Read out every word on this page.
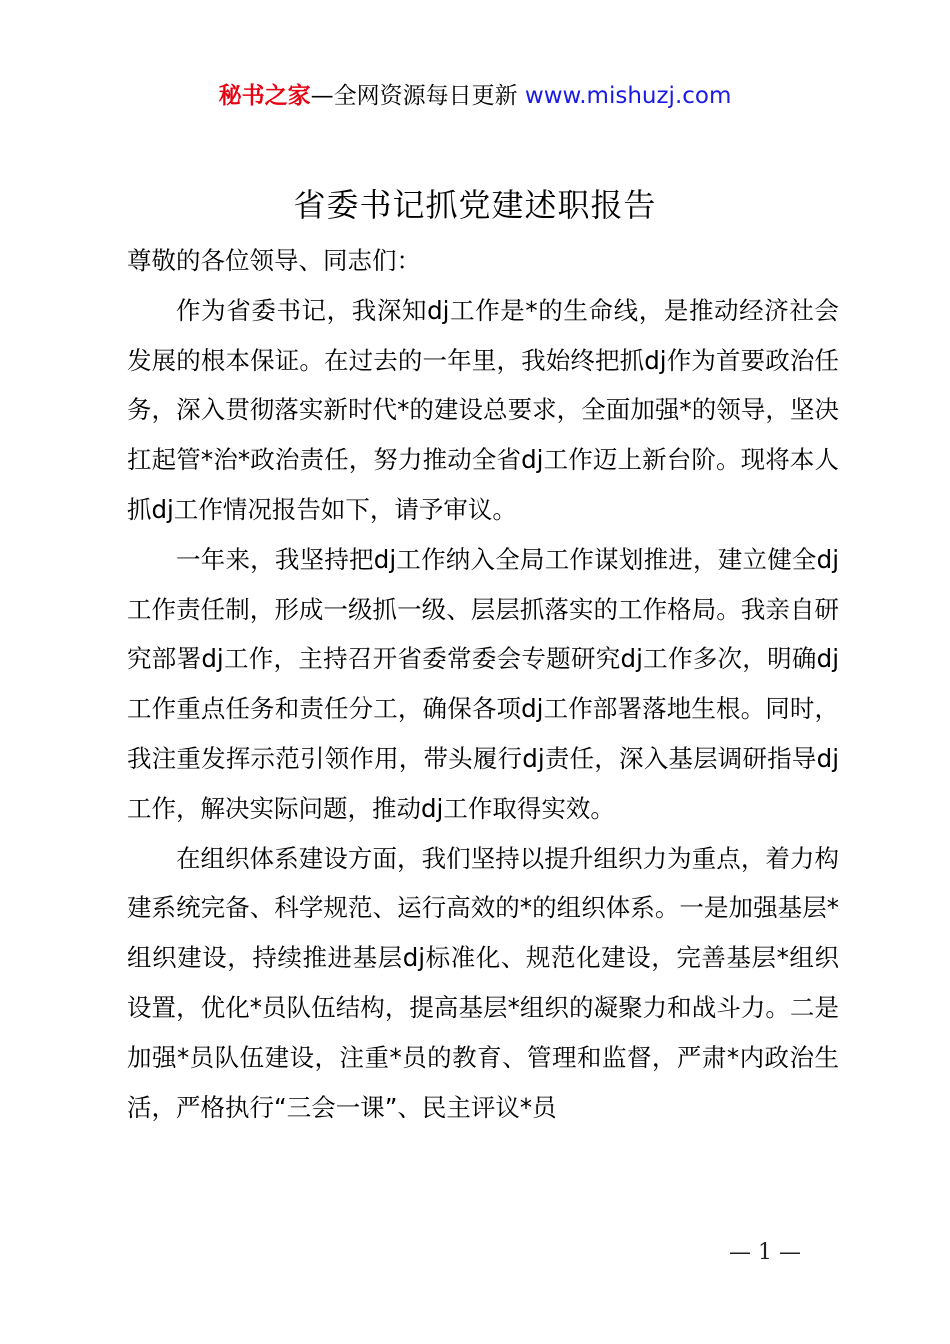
秘书之家—全网资源每日更新 www.mishuzj.com
省委书记抓党建述职报告

尊敬的各位领导、同志们：

作为省委书记，我深知dj工作是*的生命线，是推动经济社会发展的根本保证。在过去的一年里，我始终把抓dj作为首要政治任务，深入贯彻落实新时代*的建设总要求，全面加强*的领导，坚决扛起管*治*政治责任，努力推动全省dj工作迈上新台阶。现将本人抓dj工作情况报告如下，请予审议。

一年来，我坚持把dj工作纳入全局工作谋划推进，建立健全dj工作责任制，形成一级抓一级、层层抓落实的工作格局。我亲自研究部署dj工作，主持召开省委常委会专题研究dj工作多次，明确dj工作重点任务和责任分工，确保各项dj工作部署落地生根。同时，我注重发挥示范引领作用，带头履行dj责任，深入基层调研指导dj工作，解决实际问题，推动dj工作取得实效。

在组织体系建设方面，我们坚持以提升组织力为重点，着力构建系统完备、科学规范、运行高效的*的组织体系。一是加强基层*组织建设，持续推进基层dj标准化、规范化建设，完善基层*组织设置，优化*员队伍结构，提高基层*组织的凝聚力和战斗力。二是加强*员队伍建设，注重*员的教育、管理和监督，严肃*内政治生活，严格执行“三会一课”、民主评议*员

— 1 —
